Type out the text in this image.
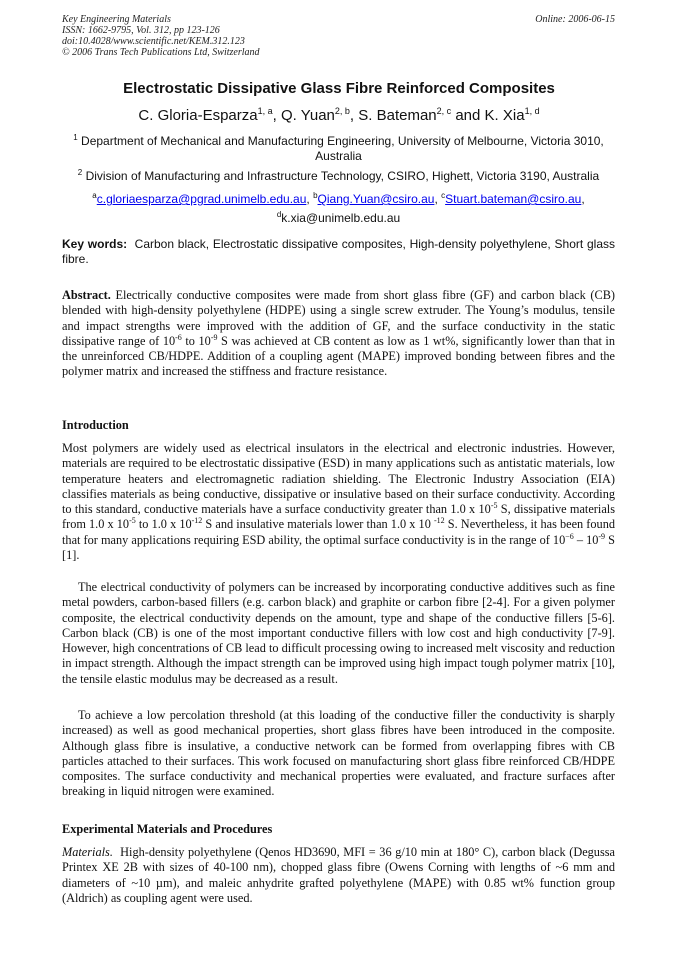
Key Engineering Materials
ISSN: 1662-9795, Vol. 312, pp 123-126
doi:10.4028/www.scientific.net/KEM.312.123
© 2006 Trans Tech Publications Ltd, Switzerland
Online: 2006-06-15
Electrostatic Dissipative Glass Fibre Reinforced Composites
C. Gloria-Esparza$^{1, a}$, Q. Yuan$^{2, b}$, S. Bateman$^{2, c}$ and K. Xia$^{1, d}$
$^1$ Department of Mechanical and Manufacturing Engineering, University of Melbourne, Victoria 3010, Australia
$^2$ Division of Manufacturing and Infrastructure Technology, CSIRO, Highett, Victoria 3190, Australia
$^a$c.gloriaesparza@pgrad.unimelb.edu.au, $^b$Qiang.Yuan@csiro.au, $^c$Stuart.bateman@csiro.au,
$^d$k.xia@unimelb.edu.au
Key words: Carbon black, Electrostatic dissipative composites, High-density polyethylene, Short glass fibre.
Abstract. Electrically conductive composites were made from short glass fibre (GF) and carbon black (CB) blended with high-density polyethylene (HDPE) using a single screw extruder. The Young’s modulus, tensile and impact strengths were improved with the addition of GF, and the surface conductivity in the static dissipative range of $10^{-6}$ to $10^{-9}$ S was achieved at CB content as low as 1 wt%, significantly lower than that in the unreinforced CB/HDPE. Addition of a coupling agent (MAPE) improved bonding between fibres and the polymer matrix and increased the stiffness and fracture resistance.
Introduction
Most polymers are widely used as electrical insulators in the electrical and electronic industries. However, materials are required to be electrostatic dissipative (ESD) in many applications such as antistatic materials, low temperature heaters and electromagnetic radiation shielding. The Electronic Industry Association (EIA) classifies materials as being conductive, dissipative or insulative based on their surface conductivity. According to this standard, conductive materials have a surface conductivity greater than 1.0 x $10^{-5}$ S, dissipative materials from 1.0 x $10^{-5}$ to 1.0 x $10^{-12}$ S and insulative materials lower than 1.0 x 10 $^{-12}$ S. Nevertheless, it has been found that for many applications requiring ESD ability, the optimal surface conductivity is in the range of $10^{-6} - 10^{-9}$ S [1].
The electrical conductivity of polymers can be increased by incorporating conductive additives such as fine metal powders, carbon-based fillers (e.g. carbon black) and graphite or carbon fibre [2-4]. For a given polymer composite, the electrical conductivity depends on the amount, type and shape of the conductive fillers [5-6]. Carbon black (CB) is one of the most important conductive fillers with low cost and high conductivity [7-9]. However, high concentrations of CB lead to difficult processing owing to increased melt viscosity and reduction in impact strength. Although the impact strength can be improved using high impact tough polymer matrix [10], the tensile elastic modulus may be decreased as a result.
To achieve a low percolation threshold (at this loading of the conductive filler the conductivity is sharply increased) as well as good mechanical properties, short glass fibres have been introduced in the composite. Although glass fibre is insulative, a conductive network can be formed from overlapping fibres with CB particles attached to their surfaces. This work focused on manufacturing short glass fibre reinforced CB/HDPE composites. The surface conductivity and mechanical properties were evaluated, and fracture surfaces after breaking in liquid nitrogen were examined.
Experimental Materials and Procedures
Materials. High-density polyethylene (Qenos HD3690, MFI = 36 g/10 min at 180° C), carbon black (Degussa Printex XE 2B with sizes of 40-100 nm), chopped glass fibre (Owens Corning with lengths of ~6 mm and diameters of ~10 µm), and maleic anhydrite grafted polyethylene (MAPE) with 0.85 wt% function group (Aldrich) as coupling agent were used.
